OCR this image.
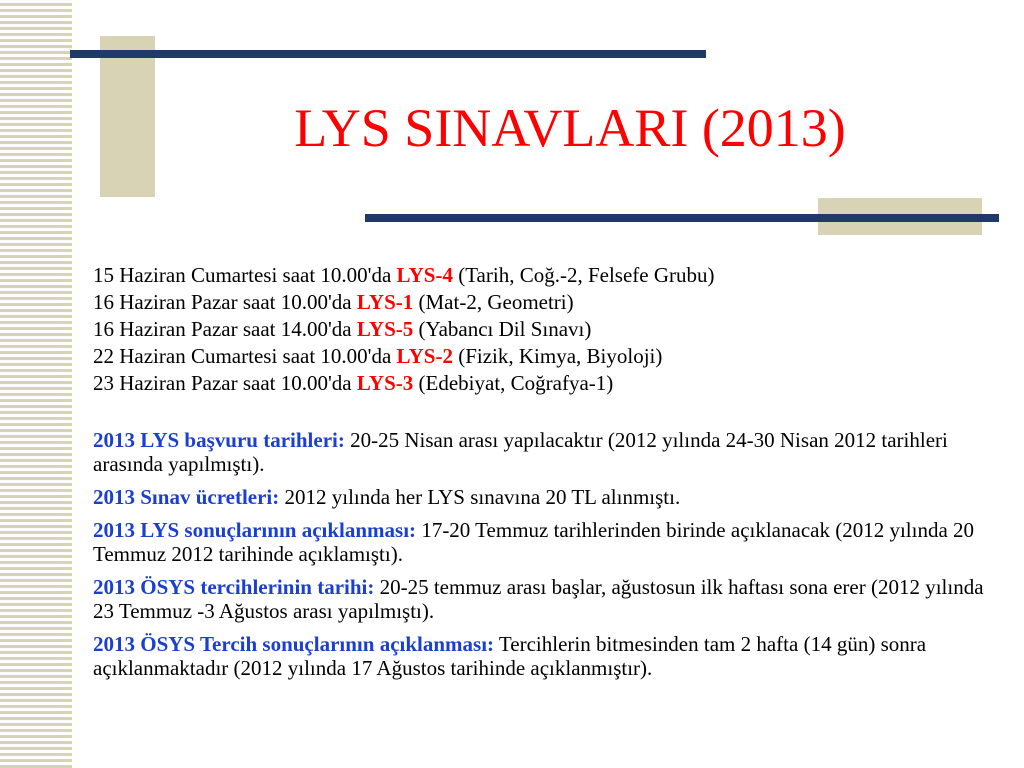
LYS SINAVLARI (2013)
15 Haziran Cumartesi saat 10.00'da LYS-4 (Tarih, Coğ.-2, Felsefe Grubu)
16 Haziran Pazar saat 10.00'da LYS-1 (Mat-2, Geometri)
16 Haziran Pazar saat 14.00'da LYS-5 (Yabancı Dil Sınavı)
22 Haziran Cumartesi saat 10.00'da LYS-2 (Fizik, Kimya, Biyoloji)
23 Haziran Pazar saat 10.00'da LYS-3 (Edebiyat, Coğrafya-1)

2013 LYS başvuru tarihleri: 20-25 Nisan arası yapılacaktır (2012 yılında 24-30 Nisan 2012 tarihleri arasında yapılmıştı).

2013 Sınav ücretleri: 2012 yılında her LYS sınavına 20 TL alınmıştı.

2013 LYS sonuçlarının açıklanması: 17-20 Temmuz tarihlerinden birinde açıklanacak (2012 yılında 20 Temmuz 2012 tarihinde açıklamıştı).

2013 ÖSYS tercihlerinin tarihi: 20-25 temmuz arası başlar, ağustosun ilk haftası sona erer (2012 yılında 23 Temmuz -3 Ağustos arası yapılmıştı).

2013 ÖSYS Tercih sonuçlarının açıklanması: Tercihlerin bitmesinden tam 2 hafta (14 gün) sonra açıklanmaktadır (2012 yılında 17 Ağustos tarihinde açıklanmıştır).
